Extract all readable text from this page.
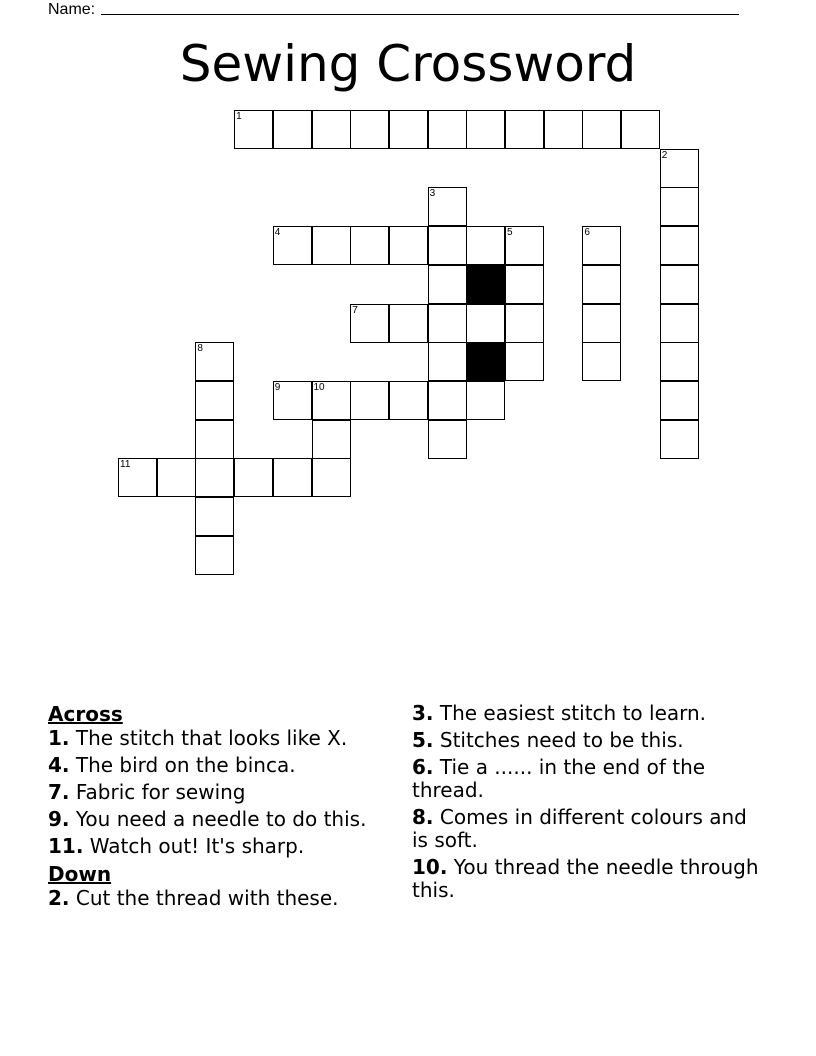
Name:
Sewing Crossword
1
2
3
4	5	6
7
8
9	10
11
Across

1. The stitch that looks like X.

4. The bird on the binca.

7. Fabric for sewing

9. You need a needle to do this.

11. Watch out! It's sharp.

Down

2. Cut the thread with these.

3. The easiest stitch to learn.

5. Stitches need to be this.

6. Tie a ...... in the end of the thread.

8. Comes in different colours and is soft.

10. You thread the needle through this.
